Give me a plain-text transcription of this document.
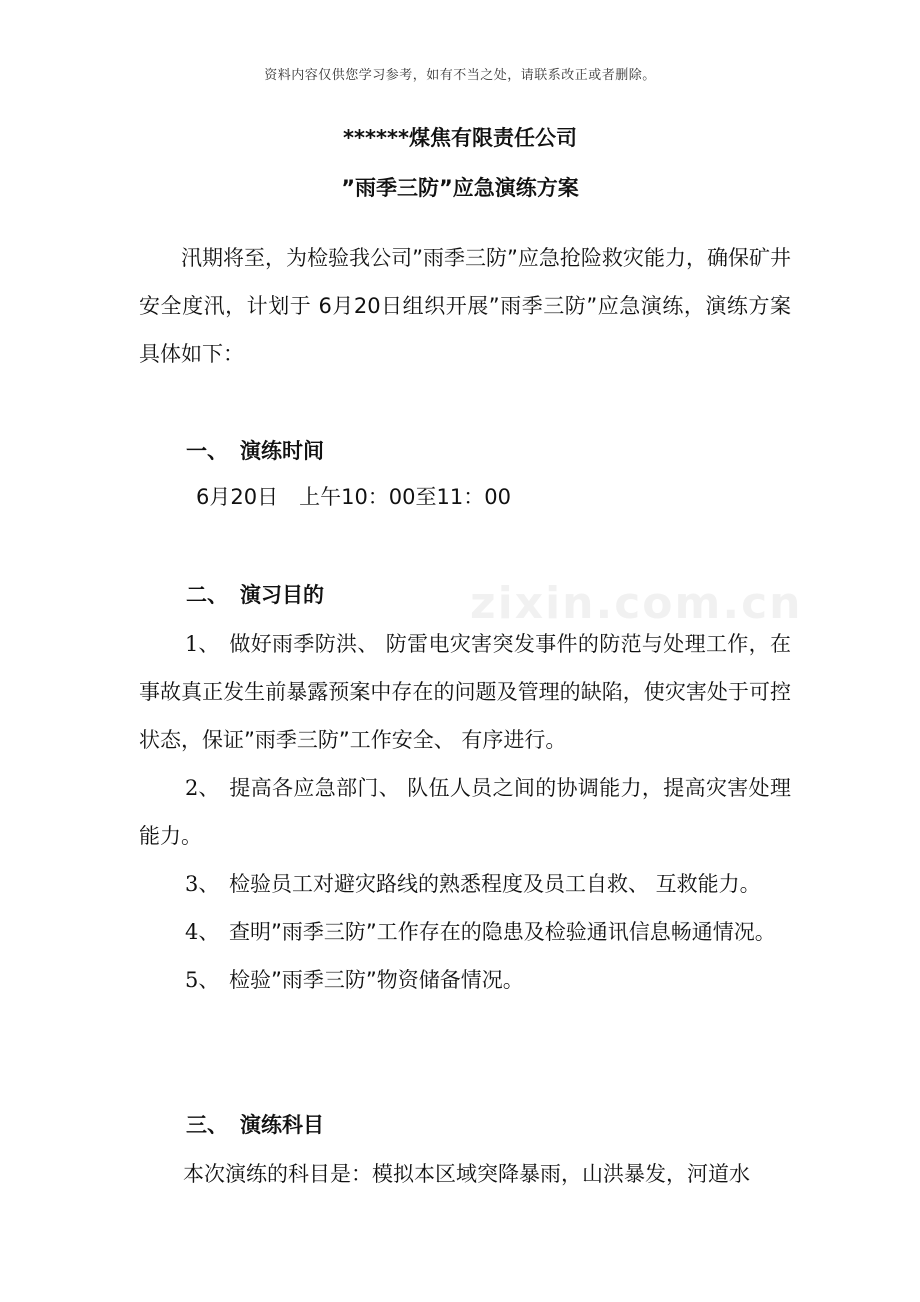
资料内容仅供您学习参考，如有不当之处，请联系改正或者删除。
******煤焦有限责任公司
”雨季三防”应急演练方案
汛期将至，为检验我公司”雨季三防”应急抢险救灾能力，确保矿井安全度汛，计划于 6月20日组织开展”雨季三防”应急演练，演练方案具体如下：
一、 演练时间
6月20日　上午10：00至11：00
二、 演习目的

1、 做好雨季防洪、 防雷电灾害突发事件的防范与处理工作，在事故真正发生前暴露预案中存在的问题及管理的缺陷，使灾害处于可控状态，保证”雨季三防”工作安全、 有序进行。

2、 提高各应急部门、 队伍人员之间的协调能力，提高灾害处理能力。

3、 检验员工对避灾路线的熟悉程度及员工自救、 互救能力。

4、 查明”雨季三防”工作存在的隐患及检验通讯信息畅通情况。

5、 检验”雨季三防”物资储备情况。

三、 演练科目
本次演练的科目是：模拟本区域突降暴雨，山洪暴发，河道水
zixin.com.cn
